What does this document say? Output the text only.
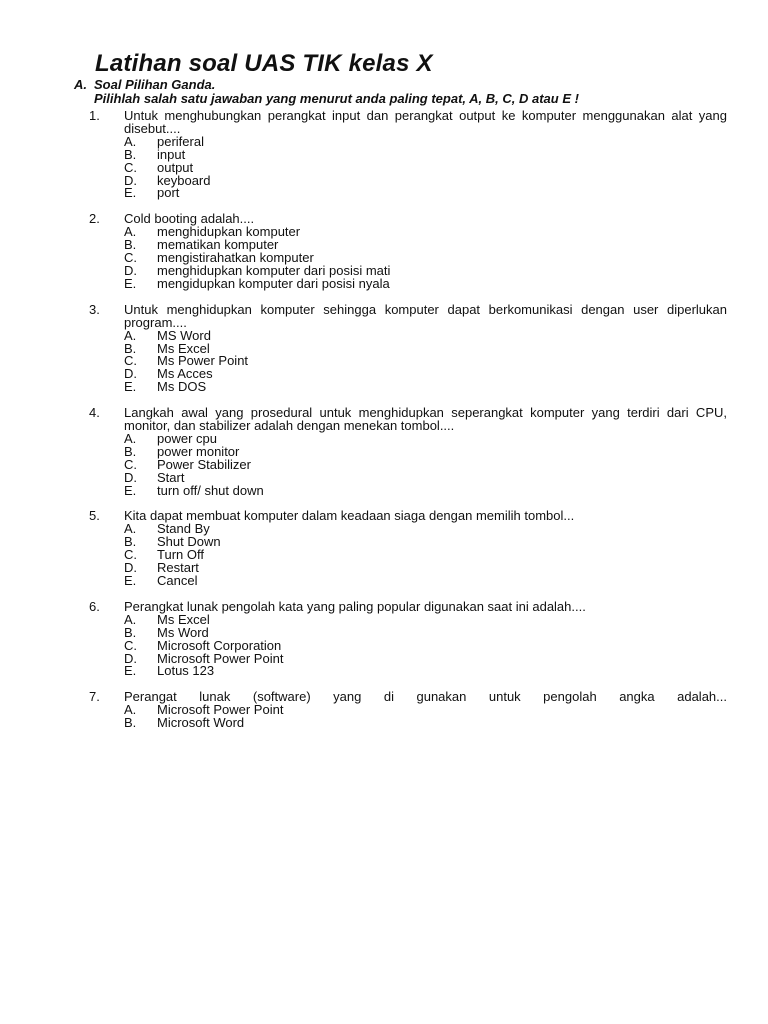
Latihan soal UAS TIK kelas X
A. Soal Pilihan Ganda.
Pilihlah salah satu jawaban yang menurut anda paling tepat, A, B, C, D atau E !
1. Untuk menghubungkan perangkat input dan perangkat output ke komputer menggunakan alat yang disebut....
A.	periferal
B.	input
C.	output
D.	keyboard
E.	port
2. Cold booting adalah....
A.	menghidupkan komputer
B.	mematikan komputer
C.	mengistirahatkan komputer
D.	menghidupkan komputer dari posisi mati
E.	mengidupkan komputer dari posisi nyala
3. Untuk menghidupkan komputer sehingga komputer dapat berkomunikasi dengan user diperlukan program....
A.	MS Word
B.	Ms Excel
C.	Ms Power Point
D.	Ms Acces
E.	Ms DOS
4. Langkah awal yang prosedural untuk menghidupkan seperangkat komputer yang terdiri dari CPU, monitor, dan stabilizer adalah dengan menekan tombol....
A.	power cpu
B.	power monitor
C.	Power Stabilizer
D.	Start
E.	turn off/ shut down
5. Kita dapat membuat komputer dalam keadaan siaga dengan memilih tombol...
A.	Stand By
B.	Shut Down
C.	Turn Off
D.	Restart
E.	Cancel
6. Perangkat lunak pengolah kata yang paling popular digunakan saat ini adalah....
A.	Ms Excel
B.	Ms Word
C.	Microsoft Corporation
D.	Microsoft Power Point
E.	Lotus 123
7. Perangat lunak (software) yang di gunakan untuk pengolah angka adalah...
A.	Microsoft Power Point
B.	Microsoft Word
